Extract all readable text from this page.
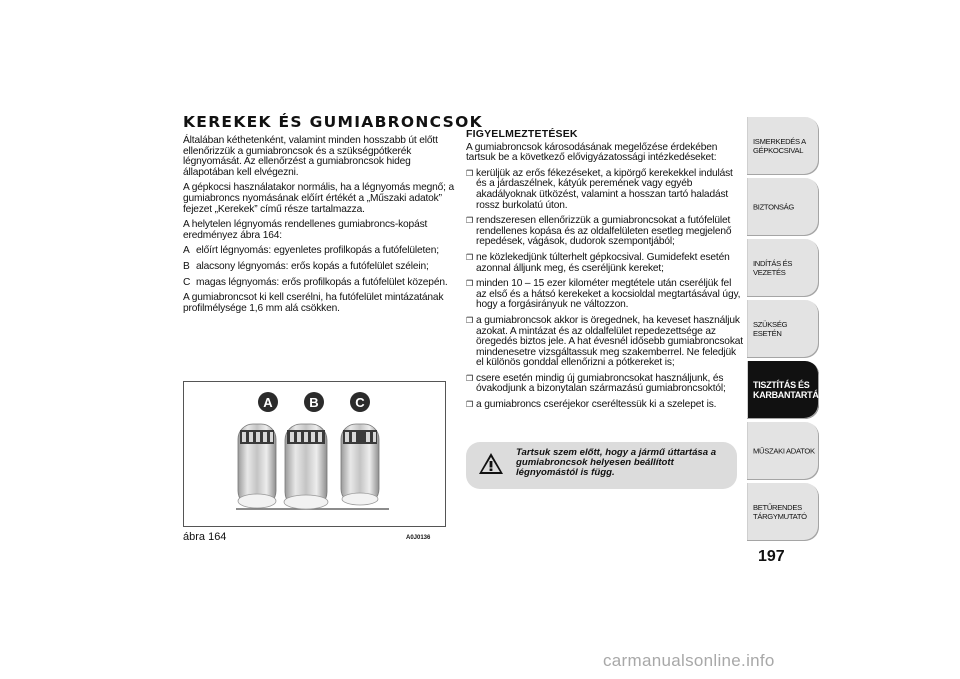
KEREKEK ÉS GUMIABRONCSOK

Általában kéthetenként, valamint minden hosszabb út előtt ellenőrizzük a gumiabroncsok és a szükségpótkerék légnyomását. Az ellenőrzést a gumiabroncsok hideg állapotában kell elvégezni.

A gépkocsi használatakor normális, ha a légnyomás megnő; a gumiabroncs nyomásának előírt értékét a „Műszaki adatok” fejezet „Kerekek” című része tartalmazza.

A helytelen légnyomás rendellenes gumiabroncs-kopást eredményez ábra 164:

A előírt légnyomás: egyenletes profilkopás a futófelületen;
B alacsony légnyomás: erős kopás a futófelület szélein;
C magas légnyomás: erős profilkopás a futófelület közepén.

A gumiabroncsot ki kell cserélni, ha futófelület mintázatának profilmélysége 1,6 mm alá csökken.

A	B	C
ábra 164	A0J0136
FIGYELMEZTETÉSEK

A gumiabroncsok károsodásának megelőzése érdekében tartsuk be a következő elővigyázatossági intézkedéseket:

❒ kerüljük az erős fékezéseket, a kipörgő kerekekkel indulást és a járdaszélnek, kátyúk peremének vagy egyéb akadályoknak ütközést, valamint a hosszan tartó haladást rossz burkolatú úton.
❒ rendszeresen ellenőrizzük a gumiabroncsokat a futófelület rendellenes kopása és az oldalfelületen esetleg megjelenő repedések, vágások, dudorok szempontjából;
❒ ne közlekedjünk túlterhelt gépkocsival. Gumidefekt esetén azonnal álljunk meg, és cseréljünk kereket;
❒ minden 10 – 15 ezer kilométer megtétele után cseréljük fel az első és a hátsó kerekeket a kocsioldal megtartásával úgy, hogy a forgásirányuk ne változzon.
❒ a gumiabroncsok akkor is öregednek, ha keveset használjuk azokat. A mintázat és az oldalfelület repedezettsége az öregedés biztos jele. A hat évesnél idősebb gumiabroncsokat mindenesetre vizsgáltassuk meg szakemberrel. Ne feledjük el különös gonddal ellenőrizni a pótkereket is;
❒ csere esetén mindig új gumiabroncsokat használjunk, és óvakodjunk a bizonytalan származású gumiabroncsoktól;
❒ a gumiabroncs cseréjekor cseréltessük ki a szelepet is.
Tartsuk szem előtt, hogy a jármű úttartása a gumiabroncsok helyesen beállított légnyomástól is függ.
ISMERKEDÉS A GÉPKOCSIVAL
BIZTONSÁG
INDÍTÁS ÉS VEZETÉS
SZÜKSÉG ESETÉN
TISZTÍTÁS ÉS KARBANTARTÁS
MŰSZAKI ADATOK
BETŰRENDES TÁRGYMUTATÓ
197
carmanualsonline.info
